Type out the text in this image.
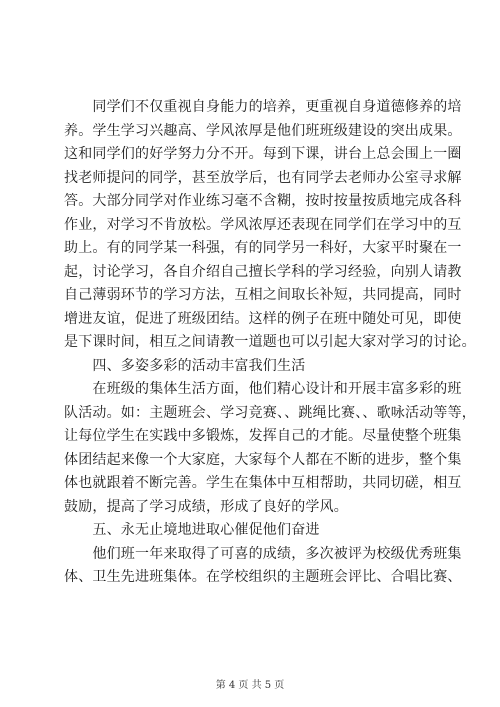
　　同学们不仅重视自身能力的培养，更重视自身道德修养的培
养。学生学习兴趣高、学风浓厚是他们班班级建设的突出成果。
这和同学们的好学努力分不开。每到下课，讲台上总会围上一圈
找老师提问的同学，甚至放学后，也有同学去老师办公室寻求解
答。大部分同学对作业练习毫不含糊，按时按量按质地完成各科
作业，对学习不肯放松。学风浓厚还表现在同学们在学习中的互
助上。有的同学某一科强，有的同学另一科好，大家平时聚在一
起，讨论学习，各自介绍自己擅长学科的学习经验，向别人请教
自己薄弱环节的学习方法，互相之间取长补短，共同提高，同时
增进友谊，促进了班级团结。这样的例子在班中随处可见，即使
是下课时间，相互之间请教一道题也可以引起大家对学习的讨论。
　　四、多姿多彩的活动丰富我们生活
　　在班级的集体生活方面，他们精心设计和开展丰富多彩的班
队活动。如：主题班会、学习竞赛、、跳绳比赛、、歌咏活动等等，
让每位学生在实践中多锻炼，发挥自己的才能。尽量使整个班集
体团结起来像一个大家庭，大家每个人都在不断的进步，整个集
体也就跟着不断完善。学生在集体中互相帮助，共同切磋，相互
鼓励，提高了学习成绩，形成了良好的学风。
　　五、永无止境地进取心催促他们奋进
　　他们班一年来取得了可喜的成绩，多次被评为校级优秀班集
体、卫生先进班集体。在学校组织的主题班会评比、合唱比赛、
第 4 页 共 5 页
